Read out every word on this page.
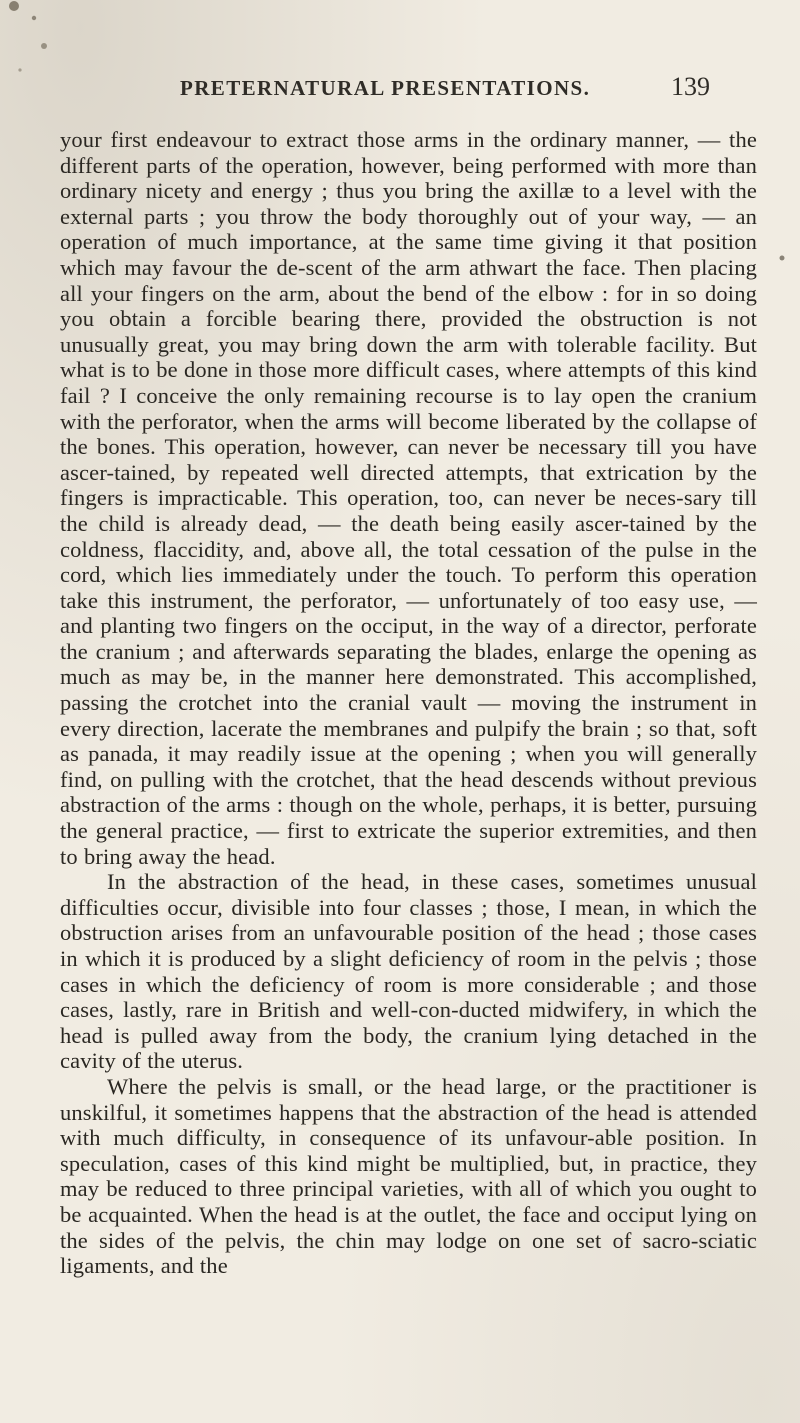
PRETERNATURAL PRESENTATIONS.	139

your first endeavour to extract those arms in the ordinary manner, — the different parts of the operation, however, being performed with more than ordinary nicety and energy ; thus you bring the axillæ to a level with the external parts ; you throw the body thoroughly out of your way, — an operation of much importance, at the same time giving it that position which may favour the de-scent of the arm athwart the face. Then placing all your fingers on the arm, about the bend of the elbow : for in so doing you obtain a forcible bearing there, provided the obstruction is not unusually great, you may bring down the arm with tolerable facility. But what is to be done in those more difficult cases, where attempts of this kind fail ? I conceive the only remaining recourse is to lay open the cranium with the perforator, when the arms will become liberated by the collapse of the bones. This operation, however, can never be necessary till you have ascer-tained, by repeated well directed attempts, that extrication by the fingers is impracticable. This operation, too, can never be neces-sary till the child is already dead, — the death being easily ascer-tained by the coldness, flaccidity, and, above all, the total cessation of the pulse in the cord, which lies immediately under the touch. To perform this operation take this instrument, the perforator, — unfortunately of too easy use, — and planting two fingers on the occiput, in the way of a director, perforate the cranium ; and afterwards separating the blades, enlarge the opening as much as may be, in the manner here demonstrated. This accomplished, passing the crotchet into the cranial vault — moving the instrument in every direction, lacerate the membranes and pulpify the brain ; so that, soft as panada, it may readily issue at the opening ; when you will generally find, on pulling with the crotchet, that the head descends without previous abstraction of the arms : though on the whole, perhaps, it is better, pursuing the general practice, — first to extricate the superior extremities, and then to bring away the head.

In the abstraction of the head, in these cases, sometimes unusual difficulties occur, divisible into four classes ; those, I mean, in which the obstruction arises from an unfavourable position of the head ; those cases in which it is produced by a slight deficiency of room in the pelvis ; those cases in which the deficiency of room is more considerable ; and those cases, lastly, rare in British and well-con-ducted midwifery, in which the head is pulled away from the body, the cranium lying detached in the cavity of the uterus.

Where the pelvis is small, or the head large, or the practitioner is unskilful, it sometimes happens that the abstraction of the head is attended with much difficulty, in consequence of its unfavour-able position. In speculation, cases of this kind might be multiplied, but, in practice, they may be reduced to three principal varieties, with all of which you ought to be acquainted. When the head is at the outlet, the face and occiput lying on the sides of the pelvis, the chin may lodge on one set of sacro-sciatic ligaments, and the
